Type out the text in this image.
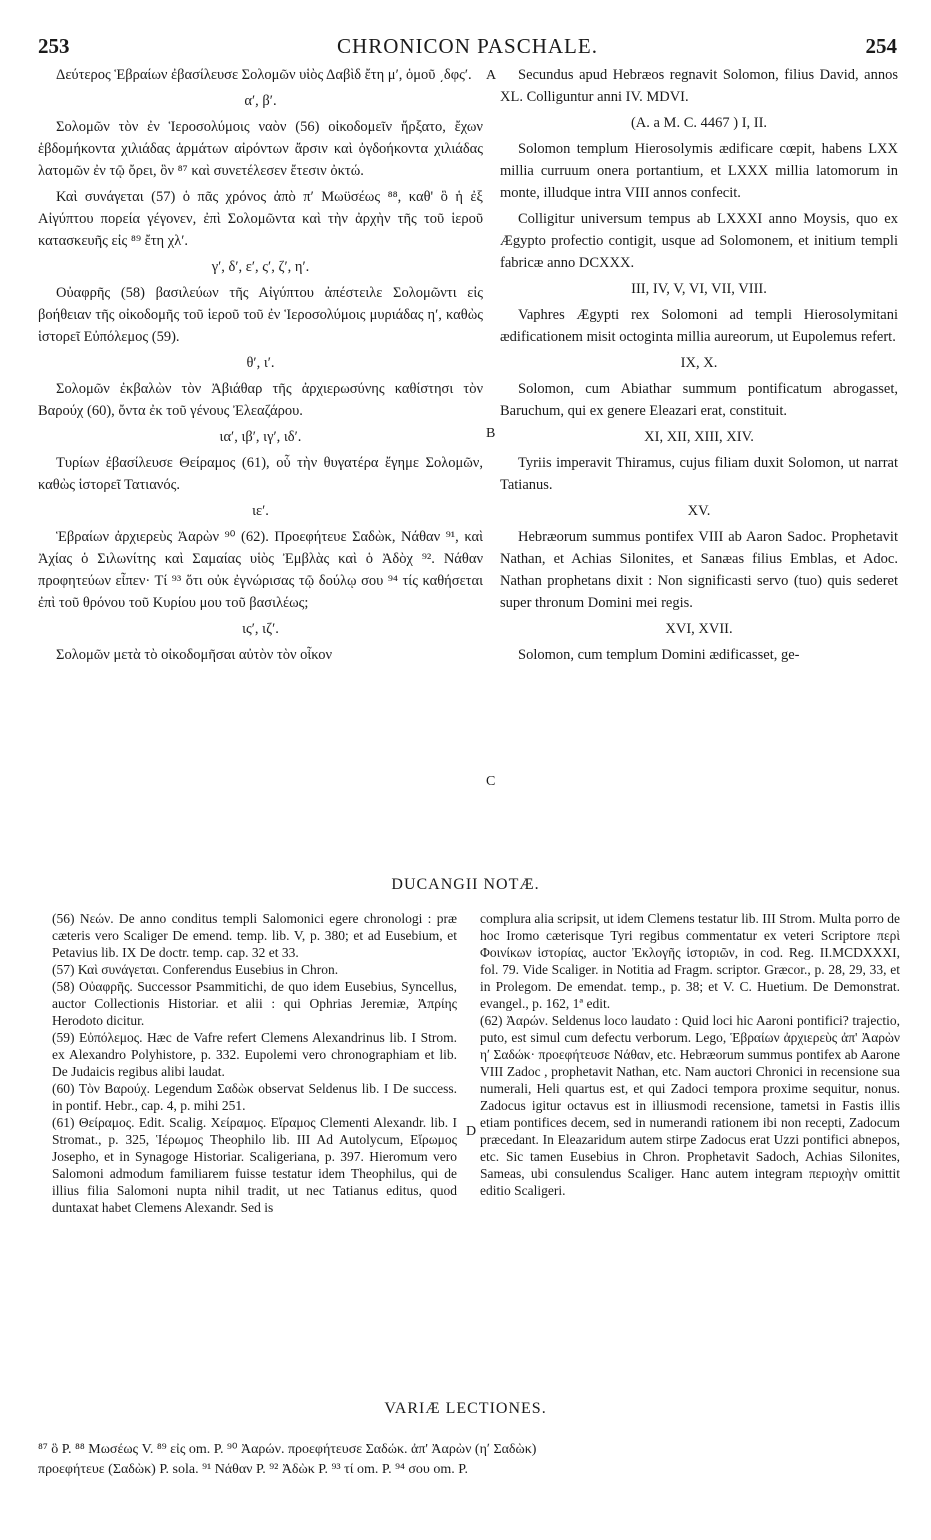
253	CHRONICON PASCHALE.	254

Δεύτερος Ἑβραίων ἐβασίλευσε Σολομῶν υἱὸς Δαβὶδ ἔτη μʹ, ὁμοῦ ͵δφςʹ.

αʹ, βʹ.

Σολομῶν τὸν ἐν Ἱεροσολύμοις ναὸν (56) οἰκοδομεῖν ἤρξατο, ἔχων ἑβδομήκοντα χιλιάδας ἁρμάτων αἰρόντων ἄρσιν καὶ ὀγδοήκοντα χιλιάδας λατομῶν ἐν τῷ ὄρει, ὃν ⁸⁷ καὶ συνετέλεσεν ἔτεσιν ὀκτώ.

Καὶ συνάγεται (57) ὁ πᾶς χρόνος ἀπὸ πʹ Μωϋσέως ⁸⁸, καθ' ὃ ἡ ἐξ Αἰγύπτου πορεία γέγονεν, ἐπὶ Σολομῶντα καὶ τὴν ἀρχὴν τῆς τοῦ ἱεροῦ κατασκευῆς εἰς ⁸⁹ ἔτη χλʹ.

γʹ, δʹ, εʹ, ςʹ, ζʹ, ηʹ.

Οὐαφρῆς (58) βασιλεύων τῆς Αἰγύπτου ἀπέστειλε Σολομῶντι εἰς βοήθειαν τῆς οἰκοδομῆς τοῦ ἱεροῦ τοῦ ἐν Ἱεροσολύμοις μυριάδας ηʹ, καθὼς ἱστορεῖ Εὐπόλεμος (59).

θʹ, ιʹ.

Σολομῶν ἐκβαλὼν τὸν Ἀβιάθαρ τῆς ἀρχιερωσύνης καθίστησι τὸν Βαρούχ (60), ὄντα ἐκ τοῦ γένους Ἐλεαζάρου.

ιαʹ, ιβʹ, ιγʹ, ιδʹ.

Τυρίων ἐβασίλευσε Θείραμος (61), οὗ τὴν θυγατέρα ἔγημε Σολομῶν, καθὼς ἱστορεῖ Τατιανός.

ιεʹ.

Ἑβραίων ἀρχιερεὺς Ἀαρὼν ⁹⁰ (62). Προεφήτευε Σαδὼκ, Νάθαν ⁹¹, καὶ Ἀχίας ὁ Σιλωνίτης καὶ Σαμαίας υἱὸς Ἐμβλὰς καὶ ὁ Ἀδὸχ ⁹². Νάθαν προφητεύων εἶπεν· Τί ⁹³ ὅτι οὐκ ἐγνώρισας τῷ δούλῳ σου ⁹⁴ τίς καθήσεται ἐπὶ τοῦ θρόνου τοῦ Κυρίου μου τοῦ βασιλέως;

ιςʹ, ιζʹ.

Σολομῶν μετὰ τὸ οἰκοδομῆσαι αὐτὸν τὸν οἶκον

Secundus apud Hebræos regnavit Solomon, filius David, annos XL. Colliguntur anni IV. MDVI.

(A. a M. C. 4467 ) I, II.

Solomon templum Hierosolymis ædificare cœpit, habens LXX millia curruum onera portantium, et LXXX millia latomorum in monte, illudque intra VIII annos confecit.

Colligitur universum tempus ab LXXXI anno Moysis, quo ex Ægypto profectio contigit, usque ad Solomonem, et initium templi fabricæ anno DCXXX.

III, IV, V, VI, VII, VIII.

Vaphres Ægypti rex Solomoni ad templi Hierosolymitani ædificationem misit octoginta millia aureorum, ut Eupolemus refert.

IX, X.

Solomon, cum Abiathar summum pontificatum abrogasset, Baruchum, qui ex genere Eleazari erat, constituit.

XI, XII, XIII, XIV.

Tyriis imperavit Thiramus, cujus filiam duxit Solomon, ut narrat Tatianus.

XV.

Hebræorum summus pontifex VIII ab Aaron Sadoc. Prophetavit Nathan, et Achias Silonites, et Sanæas filius Emblas, et Adoc. Nathan prophetans dixit : Non significasti servo (tuo) quis sederet super thronum Domini mei regis.

XVI, XVII.

Solomon, cum templum Domini ædificasset, ge-

A
B
C
D
DUCANGII NOTÆ.

(56) Νεών. De anno conditus templi Salomonici egere chronologi : præ cæteris vero Scaliger De emend. temp. lib. V, p. 380; et ad Eusebium, et Petavius lib. IX De doctr. temp. cap. 32 et 33.

(57) Καὶ συνάγεται. Conferendus Eusebius in Chron.

(58) Οὐαφρῆς. Successor Psammitichi, de quo idem Eusebius, Syncellus, auctor Collectionis Historiar. et alii : qui Ophrias Jeremiæ, Ἀπρίης Herodoto dicitur.

(59) Εὐπόλεμος. Hæc de Vafre refert Clemens Alexandrinus lib. I Strom. ex Alexandro Polyhistore, p. 332. Eupolemi vero chronographiam et lib. De Judaicis regibus alibi laudat.

(60) Τὸν Βαρούχ. Legendum Σαδὼκ observat Seldenus lib. I De success. in pontif. Hebr., cap. 4, p. mihi 251.

(61) Θείραμος. Edit. Scalig. Χείραμος. Εἴραμος Clementi Alexandr. lib. I Stromat., p. 325, Ἱέρωμος Theophilo lib. III Ad Autolycum, Εἴρωμος Josepho, et in Synagoge Historiar. Scaligeriana, p. 397. Hieromum vero Salomoni admodum familiarem fuisse testatur idem Theophilus, qui de illius filia Salomoni nupta nihil tradit, ut nec Tatianus editus, quod duntaxat habet Clemens Alexandr. Sed is

complura alia scripsit, ut idem Clemens testatur lib. III Strom. Multa porro de hoc Iromo cæterisque Tyri regibus commentatur ex veteri Scriptore περὶ Φοινίκων ἱστορίας, auctor Ἐκλογῆς ἱστοριῶν, in cod. Reg. II.MCDXXXI, fol. 79. Vide Scaliger. in Notitia ad Fragm. scriptor. Græcor., p. 28, 29, 33, et in Prolegom. De emendat. temp., p. 38; et V. C. Huetium. De Demonstrat. evangel., p. 162, 1ª edit.

(62) Ἀαρών. Seldenus loco laudato : Quid loci hic Aaroni pontifici? trajectio, puto, est simul cum defectu verborum. Lego, Ἑβραίων ἀρχιερεὺς ἀπ' Ἀαρὼν ηʹ Σαδώκ· προεφήτευσε Νάθαν, etc. Hebræorum summus pontifex ab Aarone VIII Zadoc , prophetavit Nathan, etc. Nam auctori Chronici in recensione sua numerali, Heli quartus est, et qui Zadoci tempora proxime sequitur, nonus. Zadocus igitur octavus est in illiusmodi recensione, tametsi in Fastis illis etiam pontifices decem, sed in numerandi rationem ibi non recepti, Zadocum præcedant. In Eleazaridum autem stirpe Zadocus erat Uzzi pontifici abnepos, etc. Sic tamen Eusebius in Chron. Prophetavit Sadoch, Achias Silonites, Sameas, ubi consulendus Scaliger. Hanc autem integram περιοχὴν omittit editio Scaligeri.

VARIÆ LECTIONES.

⁸⁷ ὃ P. ⁸⁸ Μωσέως V. ⁸⁹ εἰς om. P. ⁹⁰ Ἀαρών. προεφήτευσε Σαδώκ. ἀπ' Ἀαρὼν (ηʹ Σαδὼκ)

προεφήτευε (Σαδὼκ) P. sola. ⁹¹ Νάθαν P. ⁹² Ἀδὼκ P. ⁹³ τί om. P. ⁹⁴ σου om. P.
